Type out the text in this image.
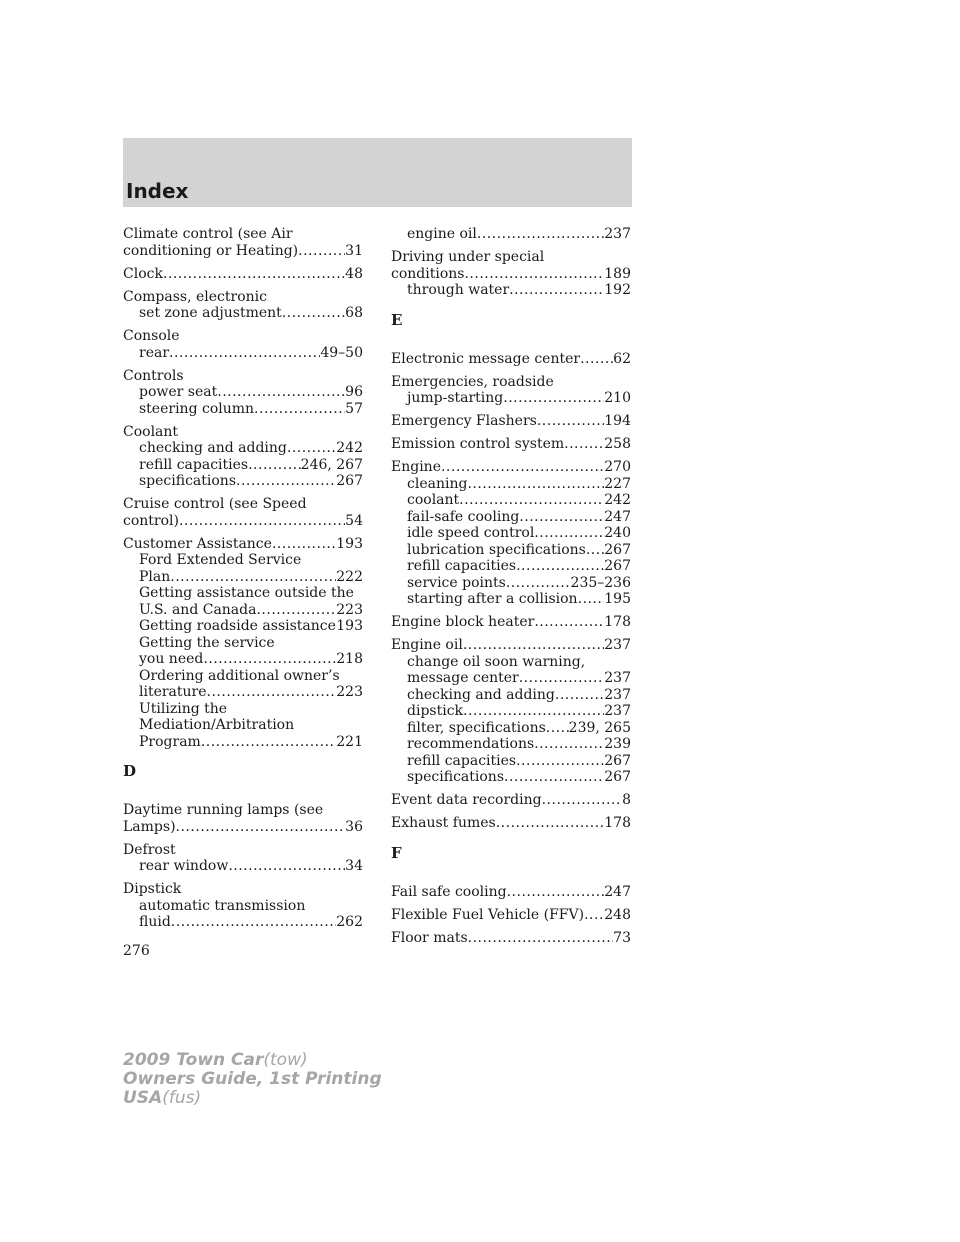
Index
Climate control (see Air
conditioning or Heating) .....	31
Clock .....	48
Compass, electronic
set zone adjustment .....	68
Console
rear .....	49–50
Controls
power seat .....	96
steering column .....	57
Coolant
checking and adding .....	242
refill capacities .....	246, 267
specifications .....	267
Cruise control (see Speed
control) .....	54
Customer Assistance .....	193
Ford Extended Service
Plan .....	222
Getting assistance outside the
U.S. and Canada .....	223
Getting roadside assistance ..... 193
Getting the service
you need .....	218
Ordering additional owner’s
literature .....	223
Utilizing the
Mediation/Arbitration
Program .....	221
D
Daytime running lamps (see
Lamps) .....	36
Defrost
rear window .....	34
Dipstick
automatic transmission
fluid .....	262
engine oil .....	237
Driving under special
conditions .....	189
through water .....	192
E
Electronic message center ..... 62
Emergencies, roadside
jump-starting .....	210
Emergency Flashers .....	194
Emission control system .....	258
Engine .....	270
cleaning .....	227
coolant .....	242
fail-safe cooling .....	247
idle speed control .....	240
lubrication specifications ..... 267
refill capacities .....	267
service points .....	235–236
starting after a collision ..... 195
Engine block heater .....	178
Engine oil .....	237
change oil soon warning,
message center .....	237
checking and adding .....	237
dipstick .....	237
filter, specifications ..... 239, 265
recommendations .....	239
refill capacities .....	267
specifications .....	267
Event data recording .....	8
Exhaust fumes .....	178
F
Fail safe cooling .....	247
Flexible Fuel Vehicle (FFV) ..... 248
Floor mats .....	73

276

2009 Town Car(tow)
Owners Guide, 1st Printing
USA(fus)
